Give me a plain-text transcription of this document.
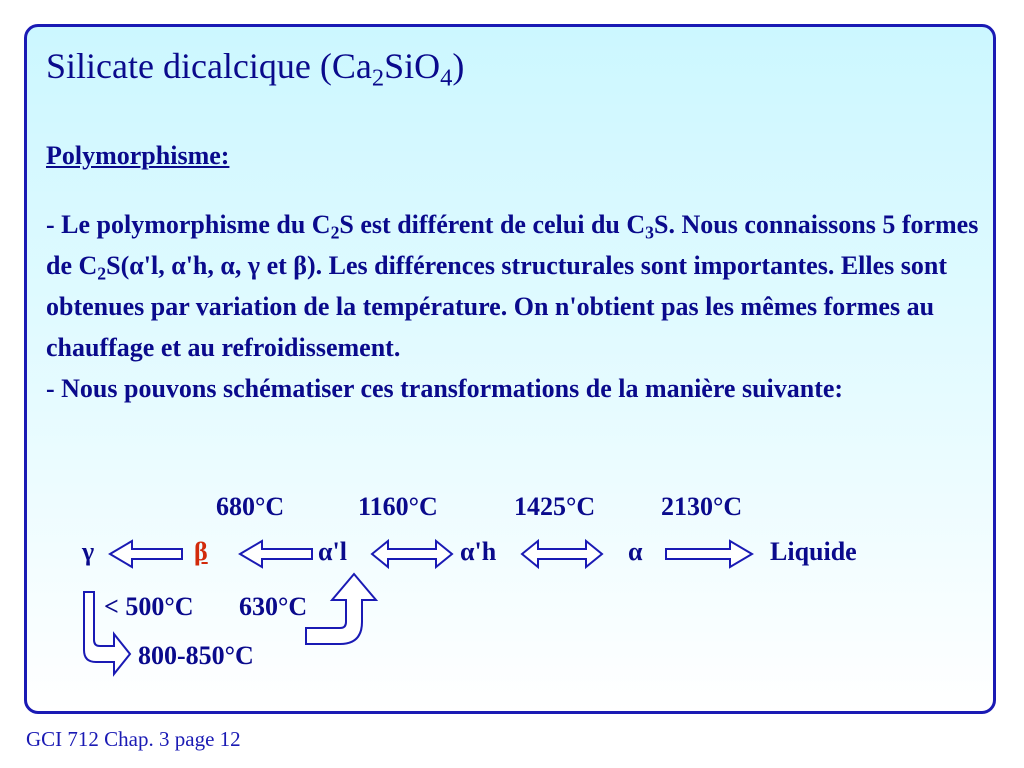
Silicate dicalcique $(Ca_2SiO_4)$
Polymorphisme:
- Le polymorphisme du $C_2S$ est différent de celui du $C_3S$. Nous connaissons 5 formes de $C_2S(\alpha'l$, α'h, α, γ et β). Les différences structurales sont importantes. Elles sont obtenues par variation de la température. On n'obtient pas les mêmes formes au chauffage et au refroidissement.
- Nous pouvons schématiser ces transformations de la manière suivante:
680°C	1160°C	1425°C	2130°C
γ	β	α'l	α'h	α	Liquide
< 500°C 630°C
800-850°C
GCI 712 Chap. 3 page 12
